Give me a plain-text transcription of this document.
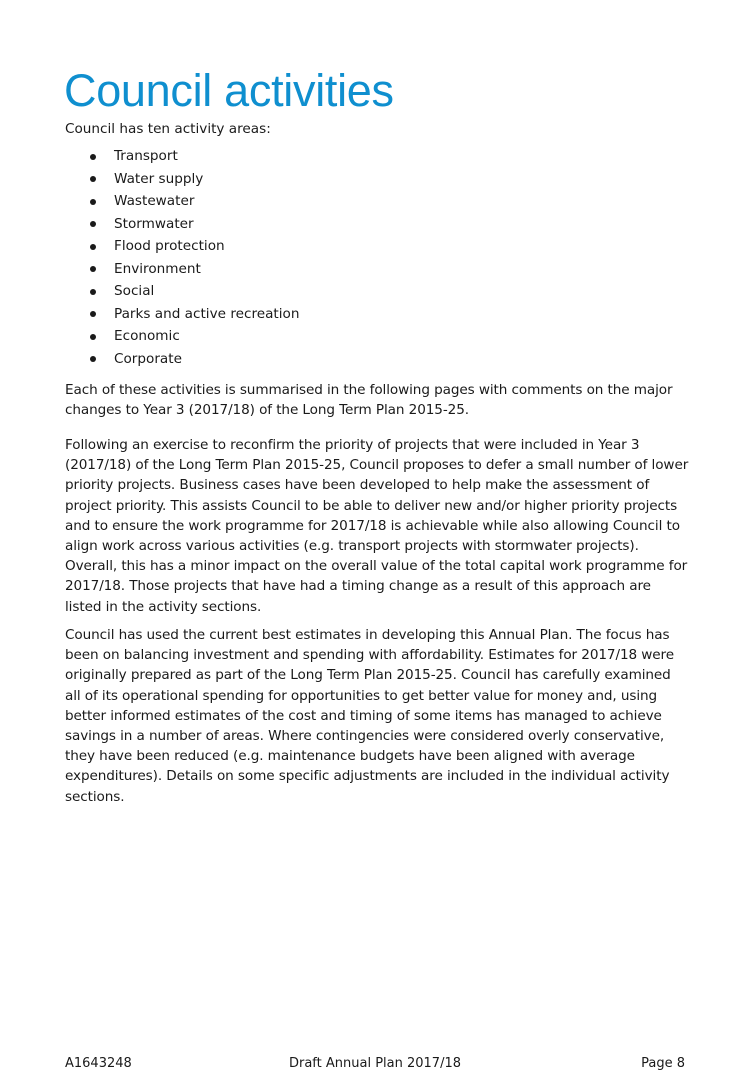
Council activities

Council has ten activity areas:

Transport
Water supply
Wastewater
Stormwater
Flood protection
Environment
Social
Parks and active recreation
Economic
Corporate

Each of these activities is summarised in the following pages with comments on the major changes to Year 3 (2017/18) of the Long Term Plan 2015-25.

Following an exercise to reconfirm the priority of projects that were included in Year 3 (2017/18) of the Long Term Plan 2015-25, Council proposes to defer a small number of lower priority projects. Business cases have been developed to help make the assessment of project priority. This assists Council to be able to deliver new and/or higher priority projects and to ensure the work programme for 2017/18 is achievable while also allowing Council to align work across various activities (e.g. transport projects with stormwater projects). Overall, this has a minor impact on the overall value of the total capital work programme for 2017/18. Those projects that have had a timing change as a result of this approach are listed in the activity sections.

Council has used the current best estimates in developing this Annual Plan. The focus has been on balancing investment and spending with affordability. Estimates for 2017/18 were originally prepared as part of the Long Term Plan 2015-25. Council has carefully examined all of its operational spending for opportunities to get better value for money and, using better informed estimates of the cost and timing of some items has managed to achieve savings in a number of areas. Where contingencies were considered overly conservative, they have been reduced (e.g. maintenance budgets have been aligned with average expenditures). Details on some specific adjustments are included in the individual activity sections.

A1643248	Draft Annual Plan 2017/18	Page 8
